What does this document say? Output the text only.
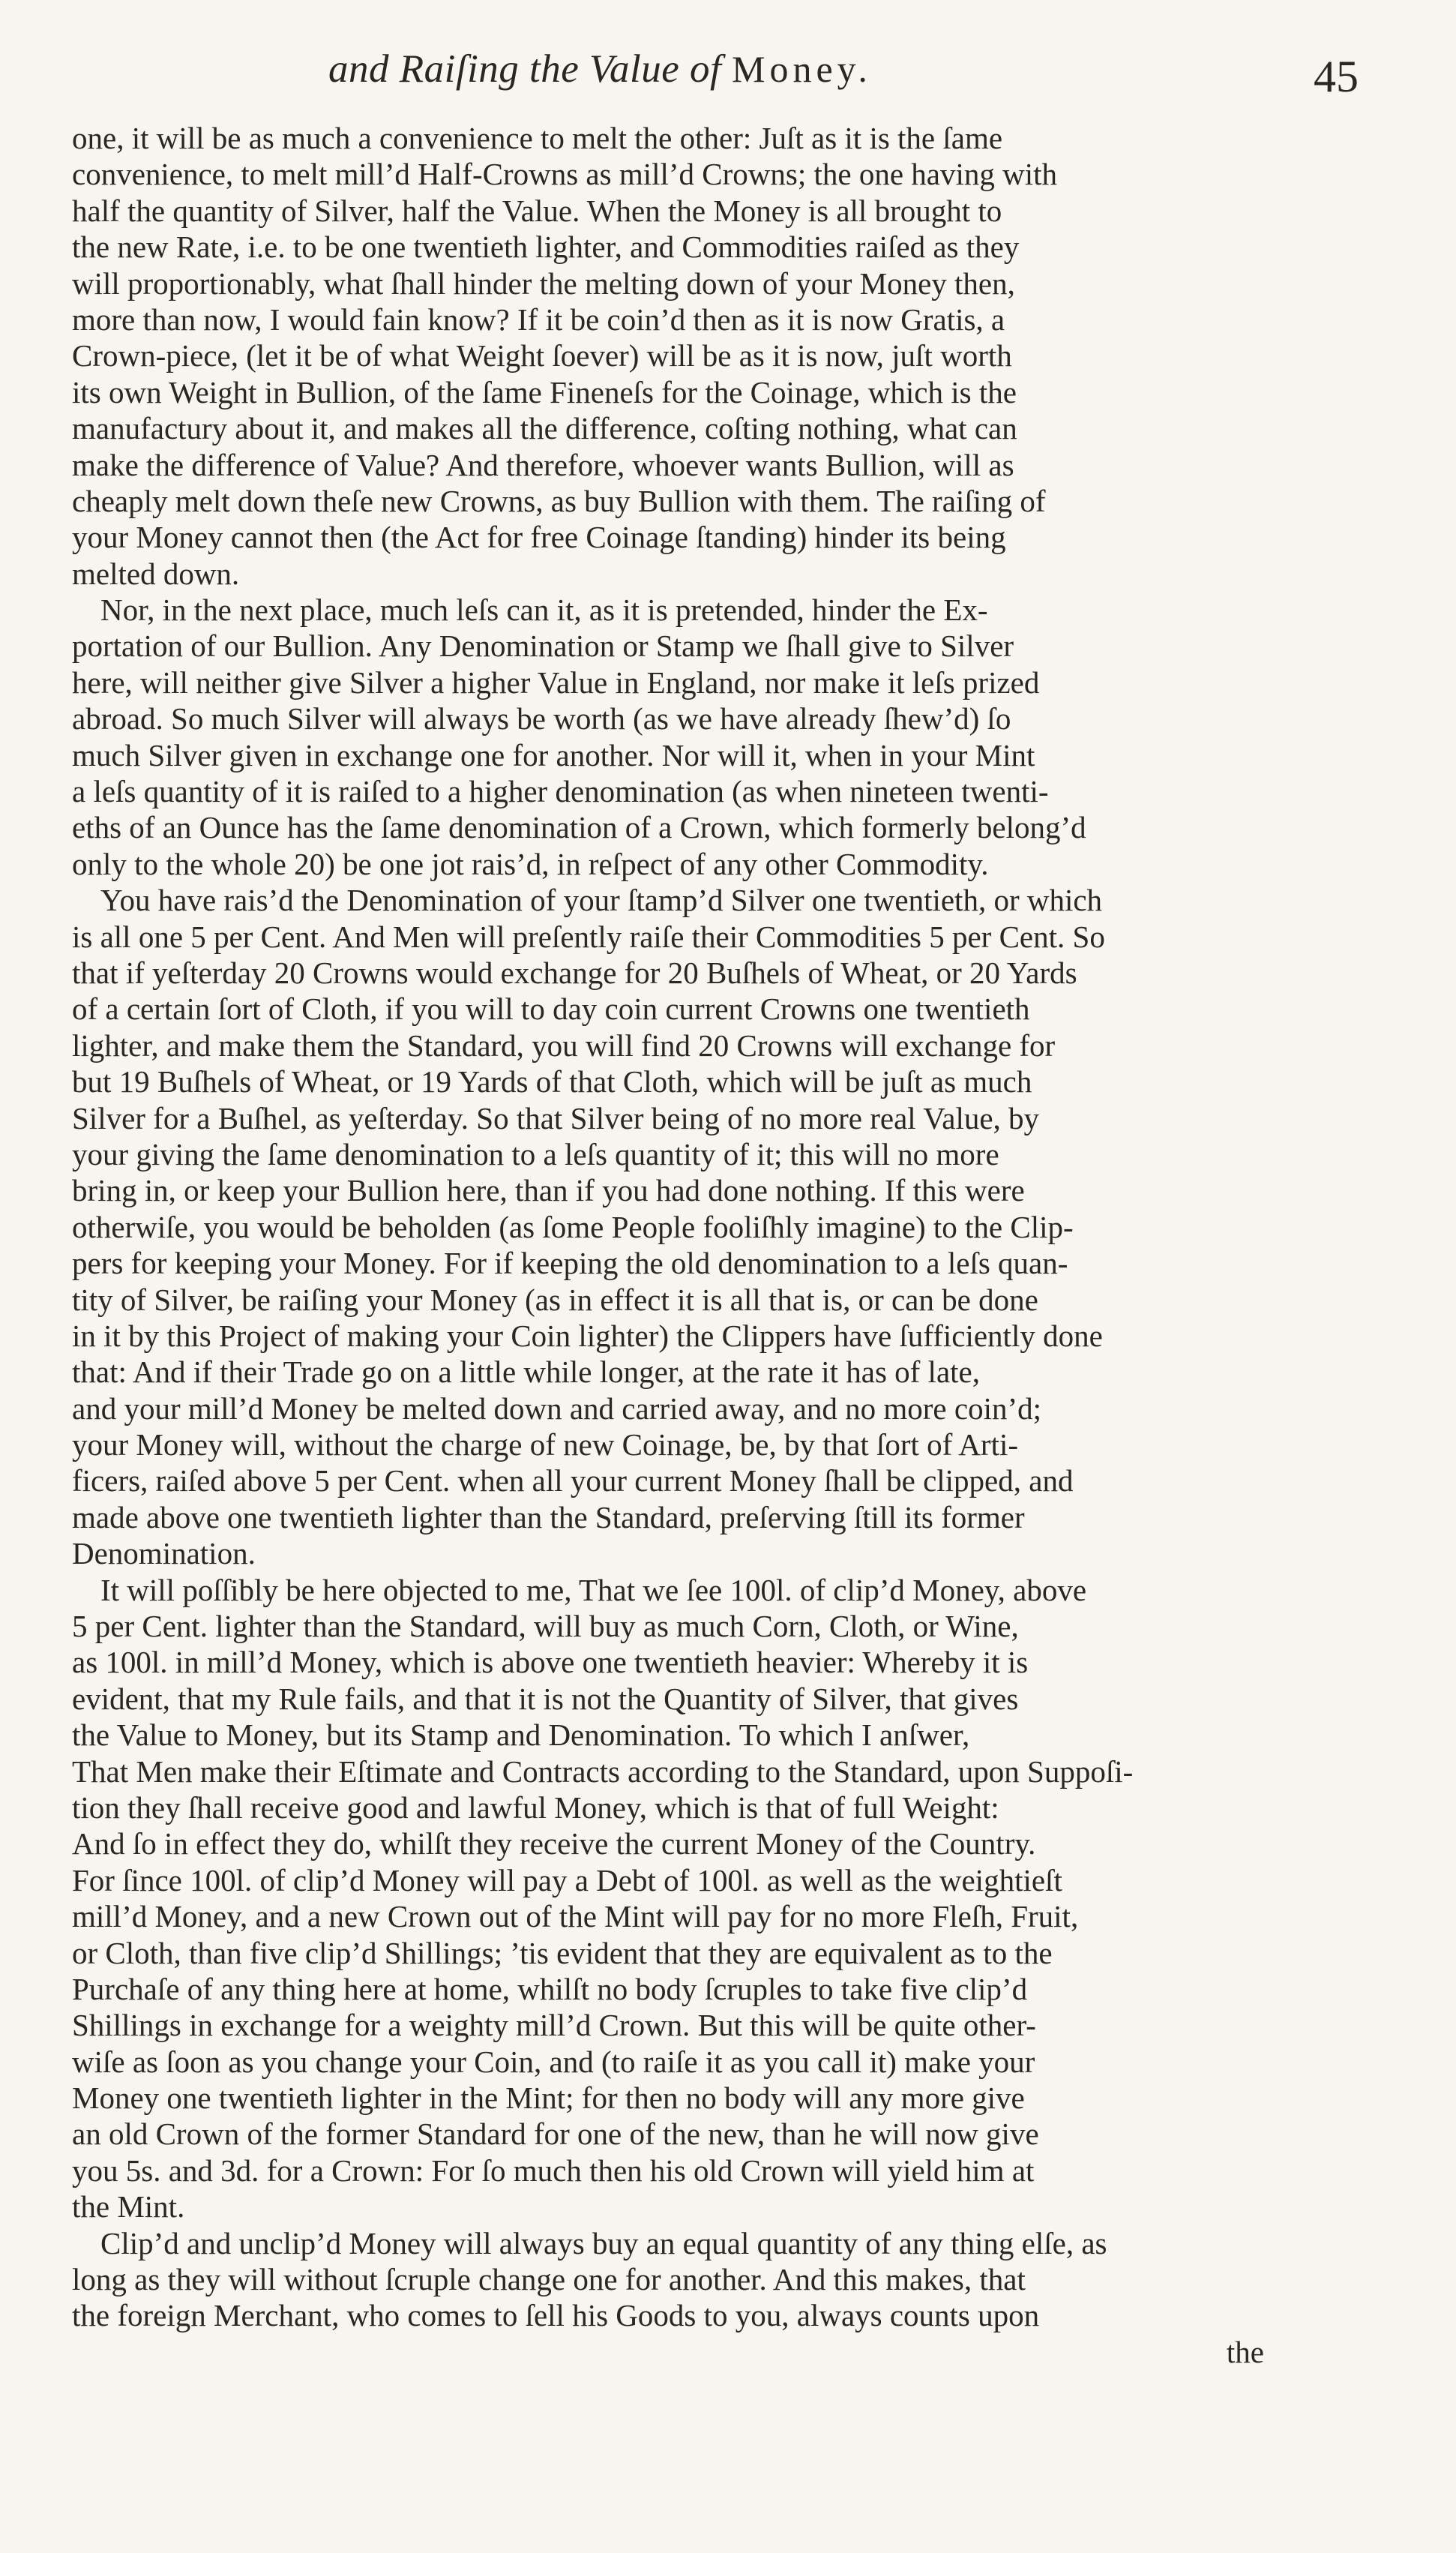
and Raiſing the Value of Money.	45
one, it will be as much a convenience to melt the other: Juſt as it is the ſame
convenience, to melt mill’d Half-Crowns as mill’d Crowns; the one having with
half the quantity of Silver, half the Value. When the Money is all brought to
the new Rate, i.e. to be one twentieth lighter, and Commodities raiſed as they
will proportionably, what ſhall hinder the melting down of your Money then,
more than now, I would fain know? If it be coin’d then as it is now Gratis, a
Crown-piece, (let it be of what Weight ſoever) will be as it is now, juſt worth
its own Weight in Bullion, of the ſame Fineneſs for the Coinage, which is the
manufactury about it, and makes all the difference, coſting nothing, what can
make the difference of Value? And therefore, whoever wants Bullion, will as
cheaply melt down theſe new Crowns, as buy Bullion with them. The raiſing of
your Money cannot then (the Act for free Coinage ſtanding) hinder its being
melted down.
Nor, in the next place, much leſs can it, as it is pretended, hinder the Ex-
portation of our Bullion. Any Denomination or Stamp we ſhall give to Silver
here, will neither give Silver a higher Value in England, nor make it leſs prized
abroad. So much Silver will always be worth (as we have already ſhew’d) ſo
much Silver given in exchange one for another. Nor will it, when in your Mint
a leſs quantity of it is raiſed to a higher denomination (as when nineteen twenti-
eths of an Ounce has the ſame denomination of a Crown, which formerly belong’d
only to the whole 20) be one jot rais’d, in reſpect of any other Commodity.
You have rais’d the Denomination of your ſtamp’d Silver one twentieth, or which
is all one 5 per Cent. And Men will preſently raiſe their Commodities 5 per Cent. So
that if yeſterday 20 Crowns would exchange for 20 Buſhels of Wheat, or 20 Yards
of a certain ſort of Cloth, if you will to day coin current Crowns one twentieth
lighter, and make them the Standard, you will find 20 Crowns will exchange for
but 19 Buſhels of Wheat, or 19 Yards of that Cloth, which will be juſt as much
Silver for a Buſhel, as yeſterday. So that Silver being of no more real Value, by
your giving the ſame denomination to a leſs quantity of it; this will no more
bring in, or keep your Bullion here, than if you had done nothing. If this were
otherwiſe, you would be beholden (as ſome People fooliſhly imagine) to the Clip-
pers for keeping your Money. For if keeping the old denomination to a leſs quan-
tity of Silver, be raiſing your Money (as in effect it is all that is, or can be done
in it by this Project of making your Coin lighter) the Clippers have ſufficiently done
that: And if their Trade go on a little while longer, at the rate it has of late,
and your mill’d Money be melted down and carried away, and no more coin’d;
your Money will, without the charge of new Coinage, be, by that ſort of Arti-
ficers, raiſed above 5 per Cent. when all your current Money ſhall be clipped, and
made above one twentieth lighter than the Standard, preſerving ſtill its former
Denomination.
It will poſſibly be here objected to me, That we ſee 100l. of clip’d Money, above
5 per Cent. lighter than the Standard, will buy as much Corn, Cloth, or Wine,
as 100l. in mill’d Money, which is above one twentieth heavier: Whereby it is
evident, that my Rule fails, and that it is not the Quantity of Silver, that gives
the Value to Money, but its Stamp and Denomination. To which I anſwer,
That Men make their Eſtimate and Contracts according to the Standard, upon Suppoſi-
tion they ſhall receive good and lawful Money, which is that of full Weight:
And ſo in effect they do, whilſt they receive the current Money of the Country.
For ſince 100l. of clip’d Money will pay a Debt of 100l. as well as the weightieſt
mill’d Money, and a new Crown out of the Mint will pay for no more Fleſh, Fruit,
or Cloth, than five clip’d Shillings; ’tis evident that they are equivalent as to the
Purchaſe of any thing here at home, whilſt no body ſcruples to take five clip’d
Shillings in exchange for a weighty mill’d Crown. But this will be quite other-
wiſe as ſoon as you change your Coin, and (to raiſe it as you call it) make your
Money one twentieth lighter in the Mint; for then no body will any more give
an old Crown of the former Standard for one of the new, than he will now give
you 5s. and 3d. for a Crown: For ſo much then his old Crown will yield him at
the Mint.
Clip’d and unclip’d Money will always buy an equal quantity of any thing elſe, as
long as they will without ſcruple change one for another. And this makes, that
the foreign Merchant, who comes to ſell his Goods to you, always counts upon
the
